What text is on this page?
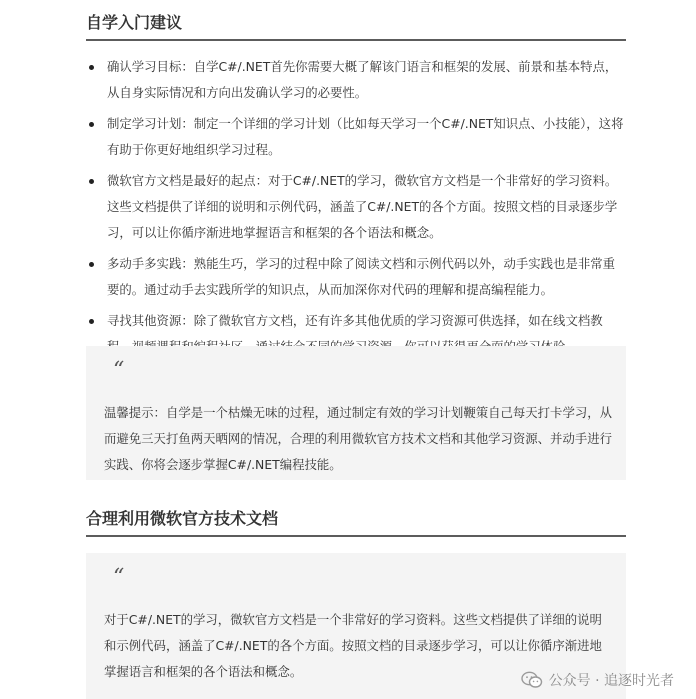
自学入门建议
确认学习目标：自学C#/.NET首先你需要大概了解该门语言和框架的发展、前景和基本特点，从自身实际情况和方向出发确认学习的必要性。
制定学习计划：制定一个详细的学习计划（比如每天学习一个C#/.NET知识点、小技能），这将有助于你更好地组织学习过程。
微软官方文档是最好的起点：对于C#/.NET的学习，微软官方文档是一个非常好的学习资料。这些文档提供了详细的说明和示例代码，涵盖了C#/.NET的各个方面。按照文档的目录逐步学习，可以让你循序渐进地掌握语言和框架的各个语法和概念。
多动手多实践：熟能生巧，学习的过程中除了阅读文档和示例代码以外，动手实践也是非常重要的。通过动手去实践所学的知识点，从而加深你对代码的理解和提高编程能力。
寻找其他资源：除了微软官方文档，还有许多其他优质的学习资源可供选择，如在线文档教
“
温馨提示：自学是一个枯燥无味的过程，通过制定有效的学习计划鞭策自己每天打卡学习，从而避免三天打鱼两天晒网的情况，合理的利用微软官方技术文档和其他学习资源、并动手进行实践、你将会逐步掌握C#/.NET编程技能。
合理利用微软官方技术文档
“
对于C#/.NET的学习，微软官方文档是一个非常好的学习资料。这些文档提供了详细的说明和示例代码，涵盖了C#/.NET的各个方面。按照文档的目录逐步学习，可以让你循序渐进地掌握语言和框架的各个语法和概念。
公众号 · 追逐时光者
